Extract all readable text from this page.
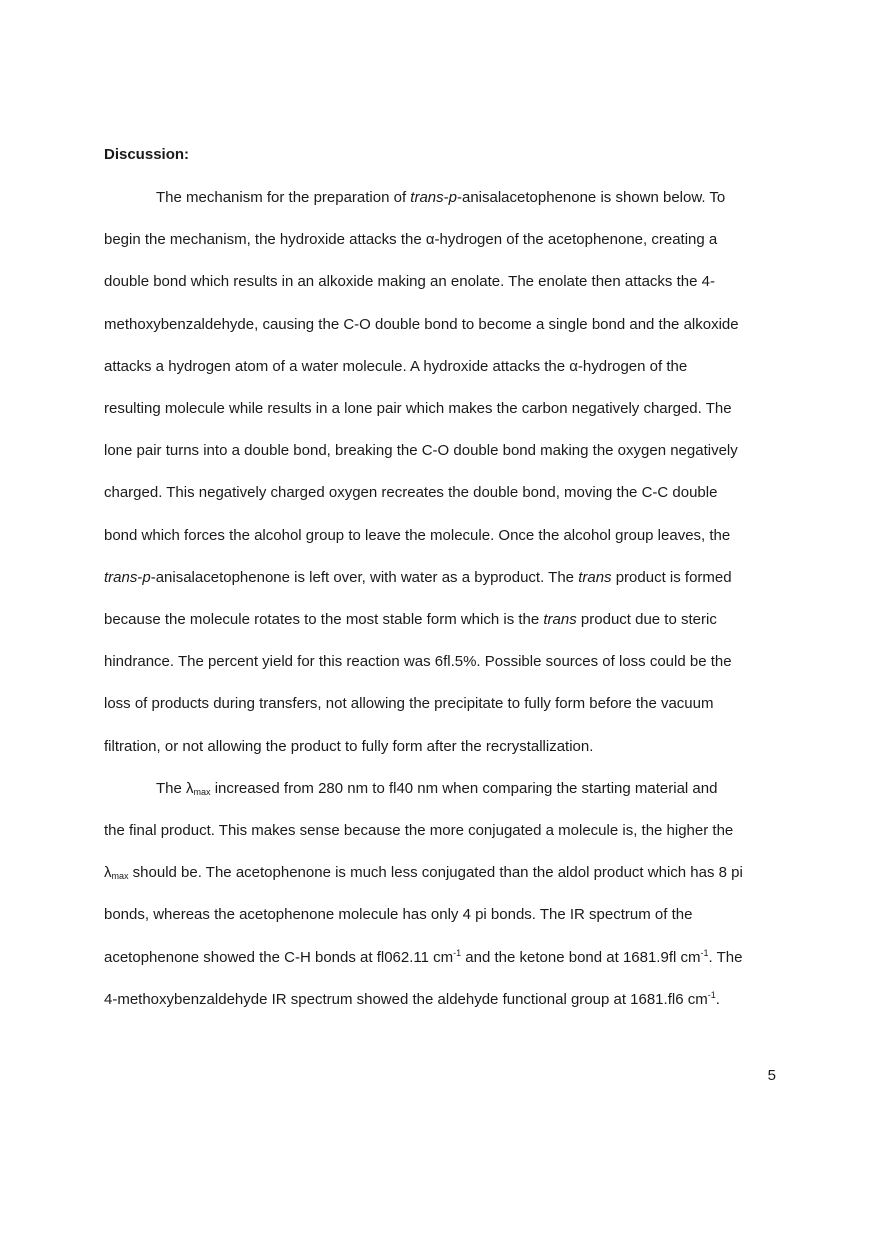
Discussion:

The mechanism for the preparation of trans-p-anisalacetophenone is shown below. To
begin the mechanism, the hydroxide attacks the α-hydrogen of the acetophenone, creating a
double bond which results in an alkoxide making an enolate. The enolate then attacks the 4-
methoxybenzaldehyde, causing the C-O double bond to become a single bond and the alkoxide
attacks a hydrogen atom of a water molecule. A hydroxide attacks the α-hydrogen of the
resulting molecule while results in a lone pair which makes the carbon negatively charged. The
lone pair turns into a double bond, breaking the C-O double bond making the oxygen negatively
charged. This negatively charged oxygen recreates the double bond, moving the C-C double
bond which forces the alcohol group to leave the molecule. Once the alcohol group leaves, the
trans-p-anisalacetophenone is left over, with water as a byproduct. The trans product is formed
because the molecule rotates to the most stable form which is the trans product due to steric
hindrance. The percent yield for this reaction was 6fl.5%. Possible sources of loss could be the
loss of products during transfers, not allowing the precipitate to fully form before the vacuum
filtration, or not allowing the product to fully form after the recrystallization.

The $\lambda_{max}$ increased from 280 nm to fl40 nm when comparing the starting material and
the final product. This makes sense because the more conjugated a molecule is, the higher the
$\lambda_{max}$ should be. The acetophenone is much less conjugated than the aldol product which has 8 pi
bonds, whereas the acetophenone molecule has only 4 pi bonds. The IR spectrum of the
acetophenone showed the C-H bonds at fl062.11 $cm^{-1}$ and the ketone bond at 1681.9fl $cm^{-1}$. The
4-methoxybenzaldehyde IR spectrum showed the aldehyde functional group at 1681.fl6 $cm^{-1}$.

5
